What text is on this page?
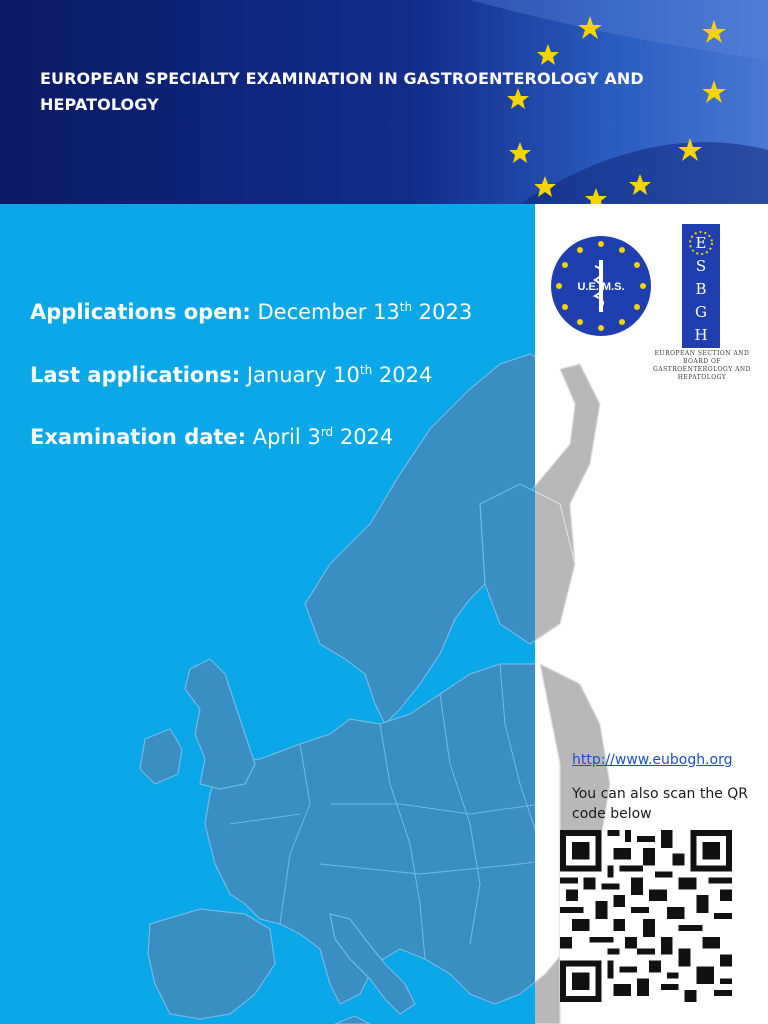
EUROPEAN SPECIALTY EXAMINATION IN GASTROENTEROLOGY AND HEPATOLOGY
Applications open: December 13th 2023
Last applications: January 10th 2024
Examination date: April 3rd 2024
U.E. M.S.
E
S
B
G
H
EUROPEAN SECTION AND BOARD OF GASTROENTEROLOGY AND HEPATOLOGY
http://www.eubogh.org
You can also scan the QR code below
